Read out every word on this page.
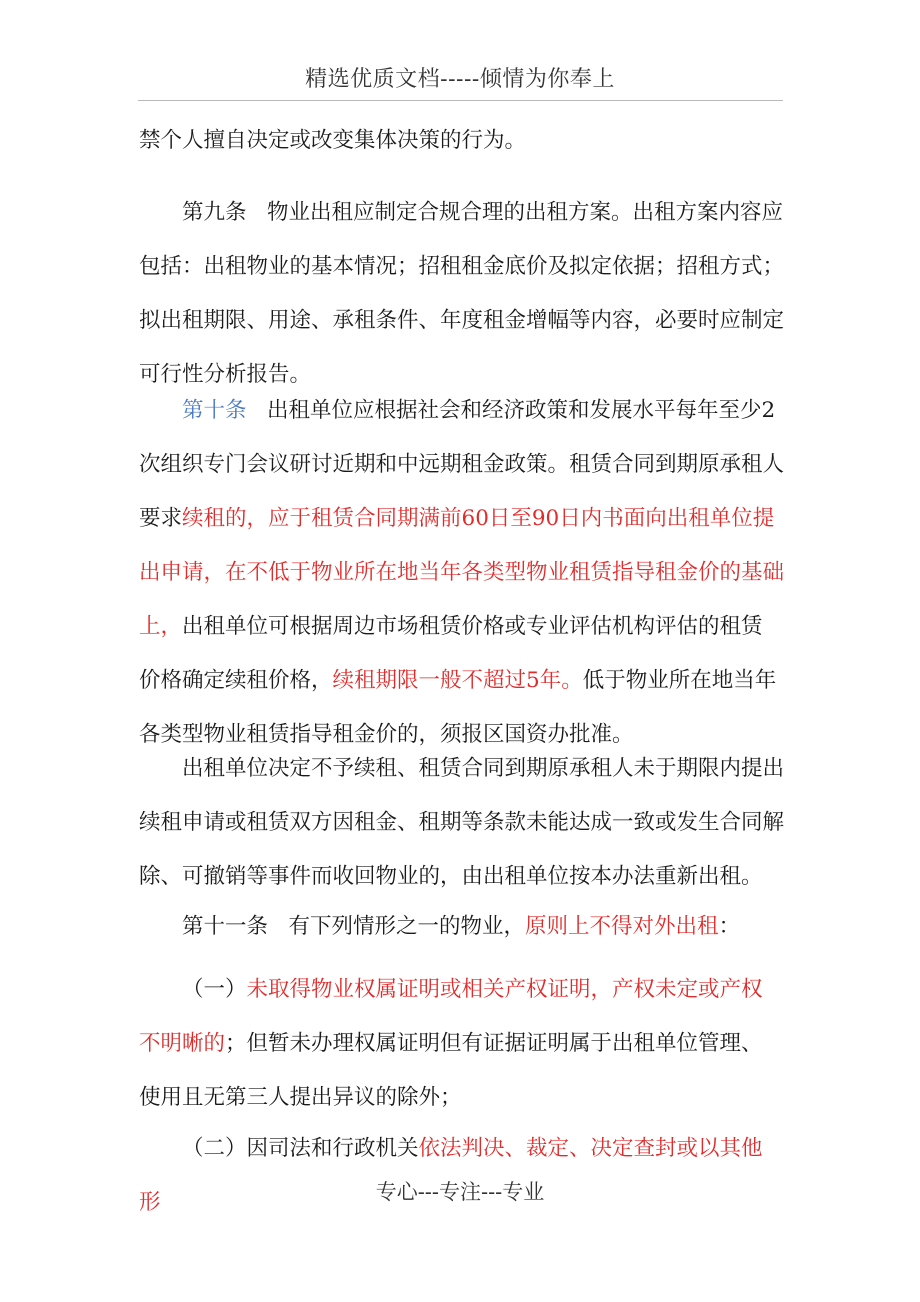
精选优质文档-----倾情为你奉上

禁个人擅自决定或改变集体决策的行为。

第九条 物业出租应制定合规合理的出租方案。出租方案内容应包括：出租物业的基本情况；招租租金底价及拟定依据；招租方式；拟出租期限、用途、承租条件、年度租金增幅等内容，必要时应制定可行性分析报告。

第十条 出租单位应根据社会和经济政策和发展水平每年至少2次组织专门会议研讨近期和中远期租金政策。租赁合同到期原承租人要求续租的，应于租赁合同期满前60日至90日内书面向出租单位提出申请，在不低于物业所在地当年各类型物业租赁指导租金价的基础上，出租单位可根据周边市场租赁价格或专业评估机构评估的租赁价格确定续租价格，续租期限一般不超过5年。低于物业所在地当年各类型物业租赁指导租金价的，须报区国资办批准。

出租单位决定不予续租、租赁合同到期原承租人未于期限内提出续租申请或租赁双方因租金、租期等条款未能达成一致或发生合同解除、可撤销等事件而收回物业的，由出租单位按本办法重新出租。

第十一条 有下列情形之一的物业，原则上不得对外出租：

（一）未取得物业权属证明或相关产权证明，产权未定或产权不明晰的；但暂未办理权属证明但有证据证明属于出租单位管理、使用且无第三人提出异议的除外；

（二）因司法和行政机关依法判决、裁定、决定查封或以其他形	专心---专注---专业
